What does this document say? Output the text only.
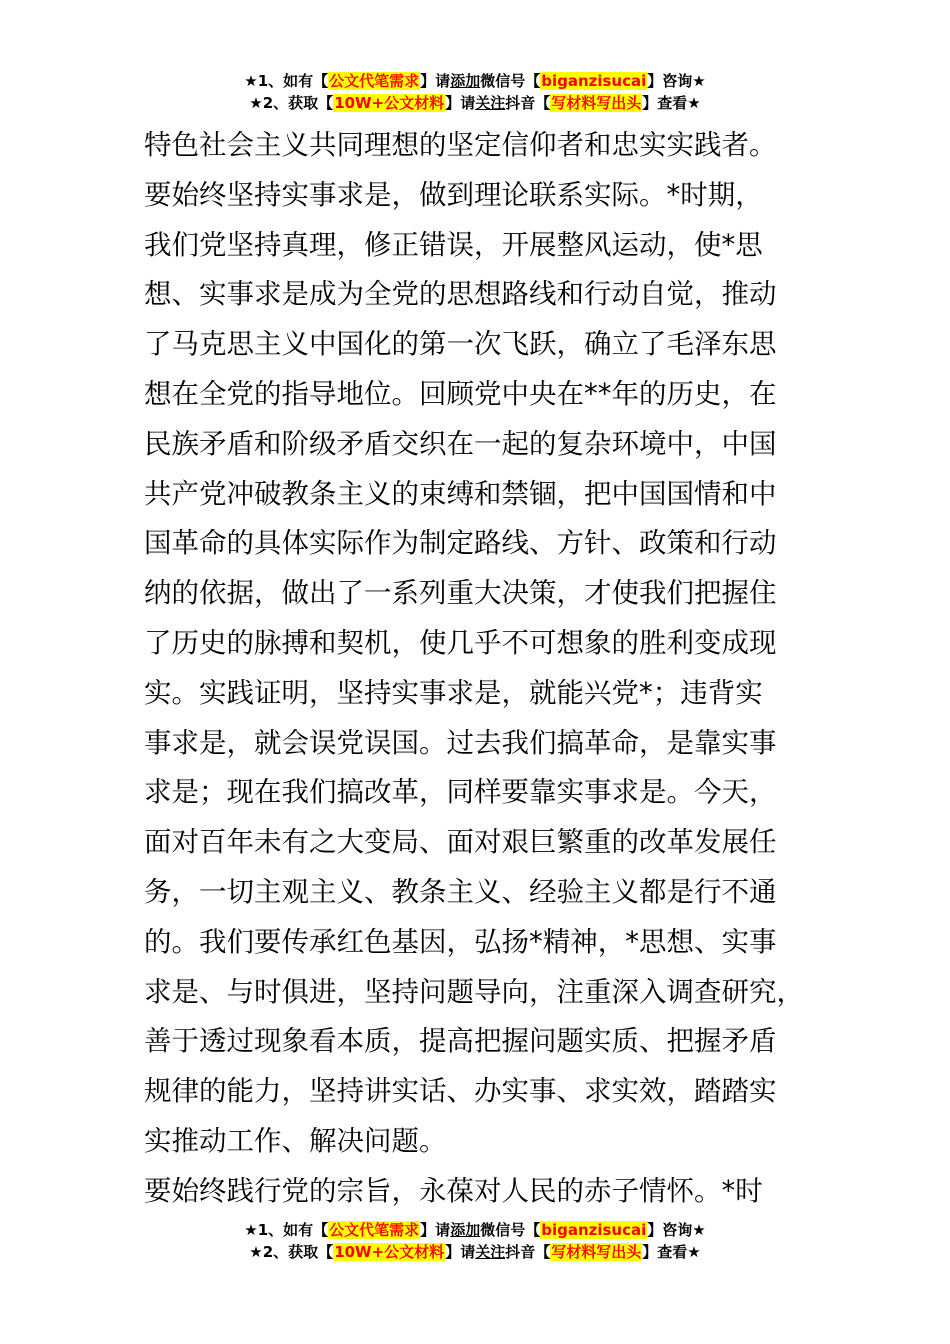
★1、如有【公文代笔需求】请添加微信号【biganzisucai】咨询★
★2、获取【10W+公文材料】请关注抖音【写材料写出头】查看★
特色社会主义共同理想的坚定信仰者和忠实实践者。
要始终坚持实事求是，做到理论联系实际。*时期，
我们党坚持真理，修正错误，开展整风运动，使*思
想、实事求是成为全党的思想路线和行动自觉，推动
了马克思主义中国化的第一次飞跃，确立了毛泽东思
想在全党的指导地位。回顾党中央在**年的历史，在
民族矛盾和阶级矛盾交织在一起的复杂环境中，中国
共产党冲破教条主义的束缚和禁锢，把中国国情和中
国革命的具体实际作为制定路线、方针、政策和行动
纳的依据，做出了一系列重大决策，才使我们把握住
了历史的脉搏和契机，使几乎不可想象的胜利变成现
实。实践证明，坚持实事求是，就能兴党*；违背实
事求是，就会误党误国。过去我们搞革命，是靠实事
求是；现在我们搞改革，同样要靠实事求是。今天，
面对百年未有之大变局、面对艰巨繁重的改革发展任
务，一切主观主义、教条主义、经验主义都是行不通
的。我们要传承红色基因，弘扬*精神，*思想、实事
求是、与时俱进，坚持问题导向，注重深入调查研究，
善于透过现象看本质，提高把握问题实质、把握矛盾
规律的能力，坚持讲实话、办实事、求实效，踏踏实
实推动工作、解决问题。
要始终践行党的宗旨，永葆对人民的赤子情怀。*时
★1、如有【公文代笔需求】请添加微信号【biganzisucai】咨询★
★2、获取【10W+公文材料】请关注抖音【写材料写出头】查看★
